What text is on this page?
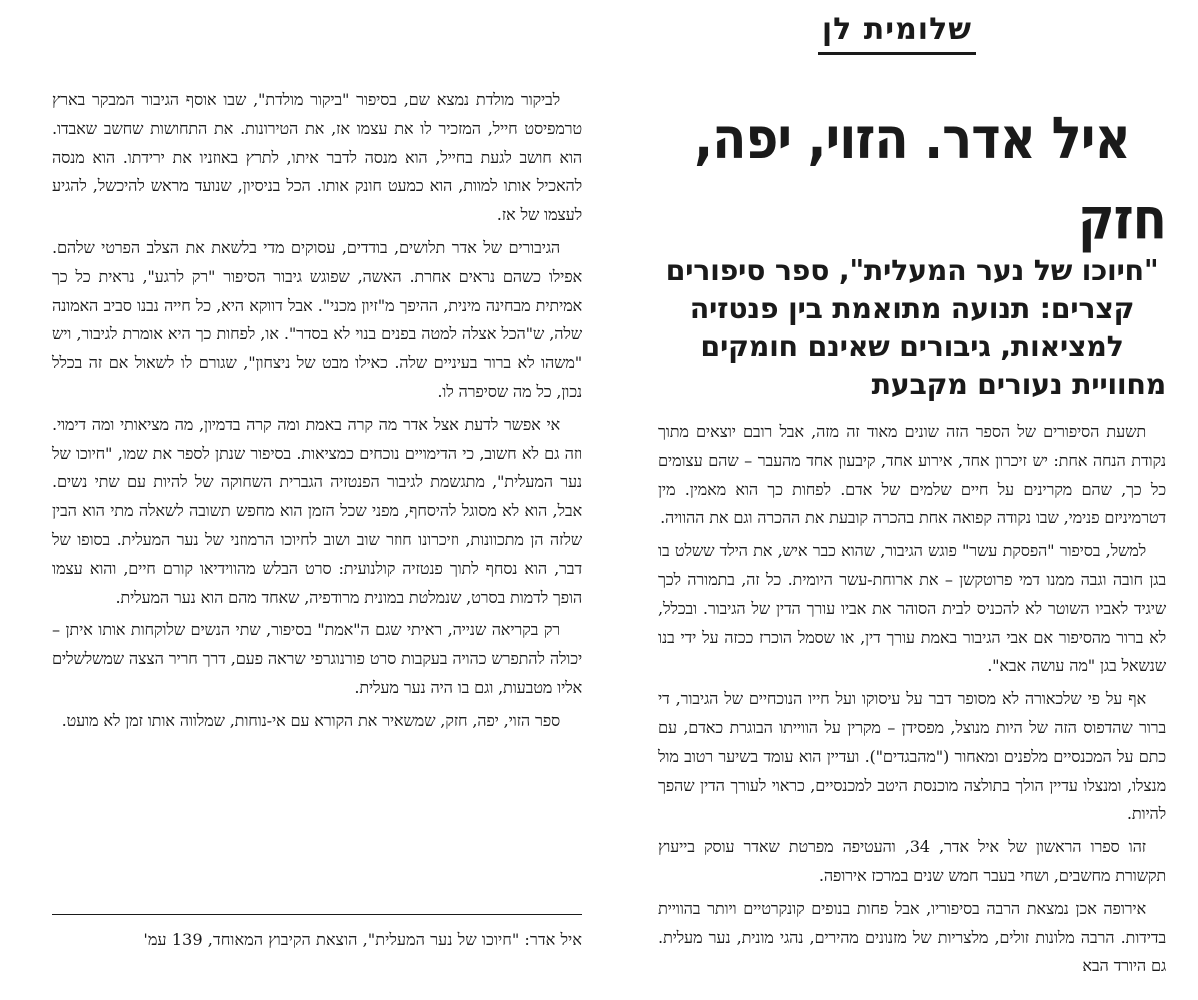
שלומית לן
איל אדר. הזוי, יפה, חזק
"חיוכו של נער המעלית", ספר סיפורים קצרים: תנועה מתואמת בין פנטזיה למציאות, גיבורים שאינם חומקים מחוויית נעורים מקבעת

תשעת הסיפורים של הספר הזה שונים מאוד זה מזה, אבל רובם יוצאים מתוך נקודת הנחה אחת: יש זיכרון אחד, אירוע אחד, קיבעון אחד מהעבר – שהם עצומים כל כך, שהם מקרינים על חיים שלמים של אדם. לפחות כך הוא מאמין. מין דטרמיניזם פנימי, שבו נקודה קפואה אחת בהכרה קובעת את ההכרה וגם את ההוויה.

למשל, בסיפור "הפסקת עשר" פוגש הגיבור, שהוא כבר איש, את הילד ששלט בו בגן חובה וגבה ממנו דמי פרוטקשן – את ארוחת-עשר היומית. כל זה, בתמורה לכך שיגיד לאביו השוטר לא להכניס לבית הסוהר את אביו עורך הדין של הגיבור. ובכלל, לא ברור מהסיפור אם אבי הגיבור באמת עורך דין, או שסמל הוכרז ככזה על ידי בנו שנשאל בגן "מה עושה אבא".

אף על פי שלכאורה לא מסופר דבר על עיסוקו ועל חייו הנוכחיים של הגיבור, די ברור שהדפוס הזה של היות מנוצל, מפסידן – מקרין על הווייתו הבוגרת כאדם, עם כתם על המכנסיים מלפנים ומאחור ("מהבגדים"). ועדיין הוא עומד בשיער רטוב מול מנצלו, ומנצלו עדיין הולך בתולצה מוכנסת היטב למכנסיים, כראוי לעורך הדין שהפך להיות.

זהו ספרו הראשון של איל אדר, 34, והעטיפה מפרטת שאדר עוסק בייעוץ תקשורת מחשבים, ושחי בעבר חמש שנים במרכז אירופה.

אירופה אכן נמצאת הרבה בסיפוריו, אבל פחות בנופים קונקרטיים ויותר בהוויית בדידות. הרבה מלונות זולים, מלצריות של מזנונים מהירים, נהגי מונית, נער מעלית. גם היורד הבא

לביקור מולדת נמצא שם, בסיפור "ביקור מולדת", שבו אוסף הגיבור המבקר בארץ טרמפיסט חייל, המזכיר לו את עצמו אז, את הטירונות. את התחושות שחשב שאבדו. הוא חושב לגעת בחייל, הוא מנסה לדבר איתו, לתרץ באוזניו את ירידתו. הוא מנסה להאכיל אותו למוות, הוא כמעט חונק אותו. הכל בניסיון, שנועד מראש להיכשל, להגיע לעצמו של אז.

הגיבורים של אדר תלושים, בודדים, עסוקים מדי בלשאת את הצלב הפרטי שלהם. אפילו כשהם נראים אחרת. האשה, שפוגש גיבור הסיפור "רק לרגע", נראית כל כך אמיתית מבחינה מינית, ההיפך מ"זיון מכני". אבל דווקא היא, כל חייה נבנו סביב האמונה שלה, ש"הכל אצלה למטה בפנים בנוי לא בסדר". או, לפחות כך היא אומרת לגיבור, ויש "משהו לא ברור בעיניים שלה. כאילו מבט של ניצחון", שגורם לו לשאול אם זה בכלל נכון, כל מה שסיפרה לו.

אי אפשר לדעת אצל אדר מה קרה באמת ומה קרה בדמיון, מה מציאותי ומה דימוי. וזה גם לא חשוב, כי הדימויים נוכחים כמציאות. בסיפור שנתן לספר את שמו, "חיוכו של נער המעלית", מתגשמת לגיבור הפנטזיה הגברית השחוקה של להיות עם שתי נשים. אבל, הוא לא מסוגל להיסחף, מפני שכל הזמן הוא מחפש תשובה לשאלה מתי הוא הבין שלזה הן מתכוונות, וזיכרונו חוזר שוב ושוב לחיוכו הרמוזני של נער המעלית. בסופו של דבר, הוא נסחף לתוך פנטזיה קולנועית: סרט הבלש מהווידיאו קורם חיים, והוא עצמו הופך לדמות בסרט, שנמלטת במונית מרודפיה, שאחד מהם הוא נער המעלית.

רק בקריאה שנייה, ראיתי שגם ה"אמת" בסיפור, שתי הנשים שלוקחות אותו איתן – יכולה להתפרש כהויה בעקבות סרט פורנוגרפי שראה פעם, דרך חריר הצצה שמשלשלים אליו מטבעות, וגם בו היה נער מעלית.

ספר הזוי, יפה, חזק, שמשאיר את הקורא עם אי-נוחות, שמלווה אותו זמן לא מועט.

איל אדר: "חיוכו של נער המעלית", הוצאת הקיבוץ המאוחד, 139 עמ'
